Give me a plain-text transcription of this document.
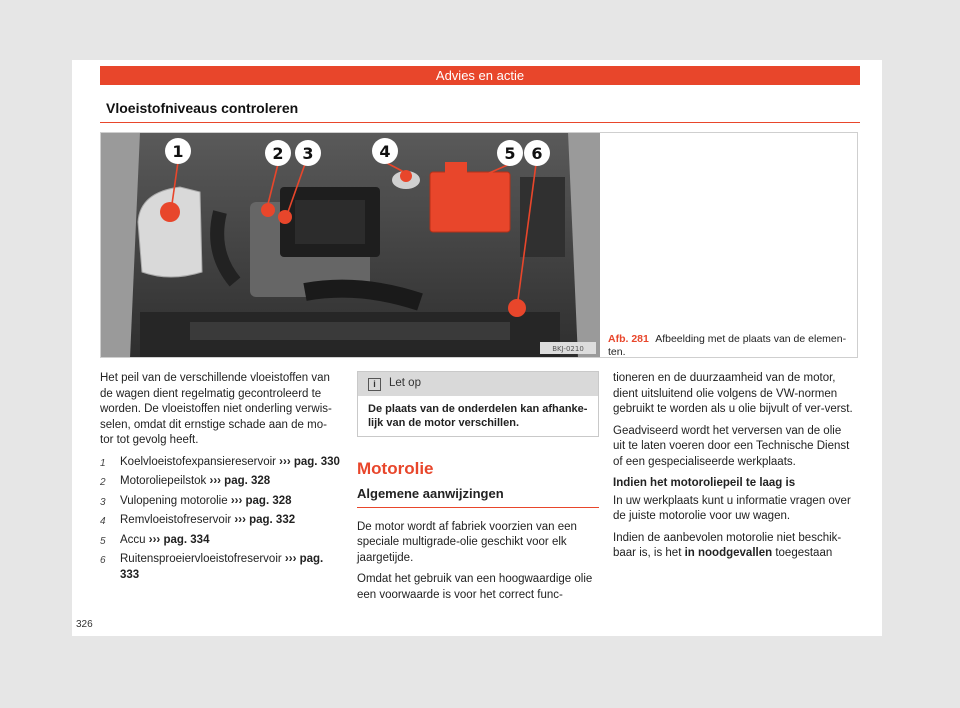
Advies en actie
Vloeistofniveaus controleren
1	2 3	4	5 6
BKJ-0210
Afb. 281 Afbeelding met de plaats van de elemen-ten.

Het peil van de verschillende vloeistoffen van de wagen dient regelmatig gecontroleerd te worden. De vloeistoffen niet onderling verwis-selen, omdat dit ernstige schade aan de mo-tor tot gevolg heeft.

1 Koelvloeistofexpansiereservoir ››› pag. 330
2 Motoroliepeilstok ››› pag. 328
3 Vulopening motorolie ››› pag. 328
4 Remvloeistofreservoir ››› pag. 332
5 Accu ››› pag. 334
6 Ruitensproeiervloeistofreservoir ››› pag. 333
i Let op
De plaats van de onderdelen kan afhanke-lijk van de motor verschillen.
Motorolie
Algemene aanwijzingen

De motor wordt af fabriek voorzien van een speciale multigrade-olie geschikt voor elk jaargetijde.

Omdat het gebruik van een hoogwaardige olie een voorwaarde is voor het correct func-

tioneren en de duurzaamheid van de motor, dient uitsluitend olie volgens de VW-normen gebruikt te worden als u olie bijvult of ver-verst.

Geadviseerd wordt het verversen van de olie uit te laten voeren door een Technische Dienst of een gespecialiseerde werkplaats.

Indien het motoroliepeil te laag is

In uw werkplaats kunt u informatie vragen over de juiste motorolie voor uw wagen.

Indien de aanbevolen motorolie niet beschik-baar is, is het in noodgevallen toegestaan

326
